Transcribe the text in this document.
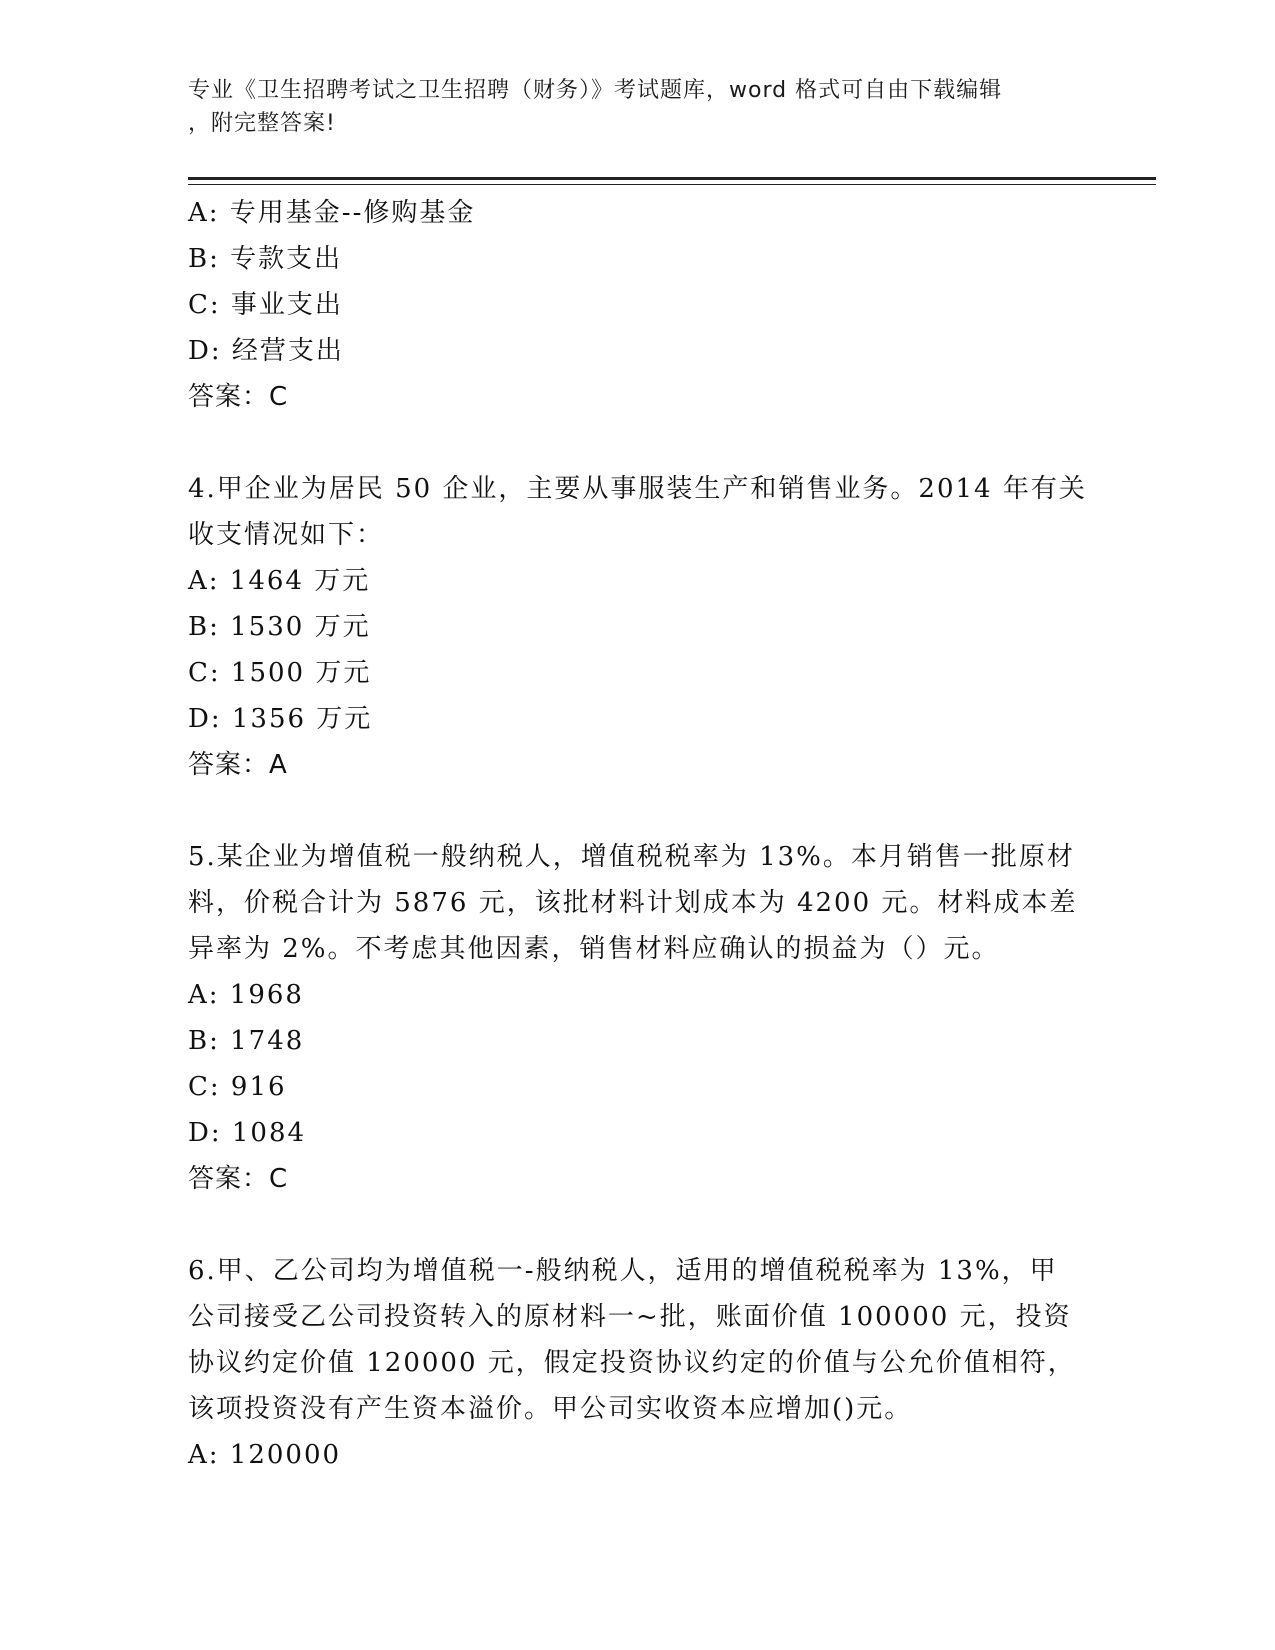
专业《卫生招聘考试之卫生招聘（财务）》考试题库，word 格式可自由下载编辑
，附完整答案!
A: 专用基金--修购基金
B: 专款支出
C: 事业支出
D: 经营支出
答案：C
4.甲企业为居民 50 企业，主要从事服装生产和销售业务。2014 年有关
收支情况如下：
A: 1464 万元
B: 1530 万元
C: 1500 万元
D: 1356 万元
答案：A
5.某企业为增值税一般纳税人，增值税税率为 13%。本月销售一批原材
料，价税合计为 5876 元，该批材料计划成本为 4200 元。材料成本差
异率为 2%。不考虑其他因素，销售材料应确认的损益为（）元。
A: 1968
B: 1748
C: 916
D: 1084
答案：C
6.甲、乙公司均为增值税一-般纳税人，适用的增值税税率为 13%，甲
公司接受乙公司投资转入的原材料一~批，账面价值 100000 元，投资
协议约定价值 120000 元，假定投资协议约定的价值与公允价值相符，
该项投资没有产生资本溢价。甲公司实收资本应增加()元。
A: 120000
